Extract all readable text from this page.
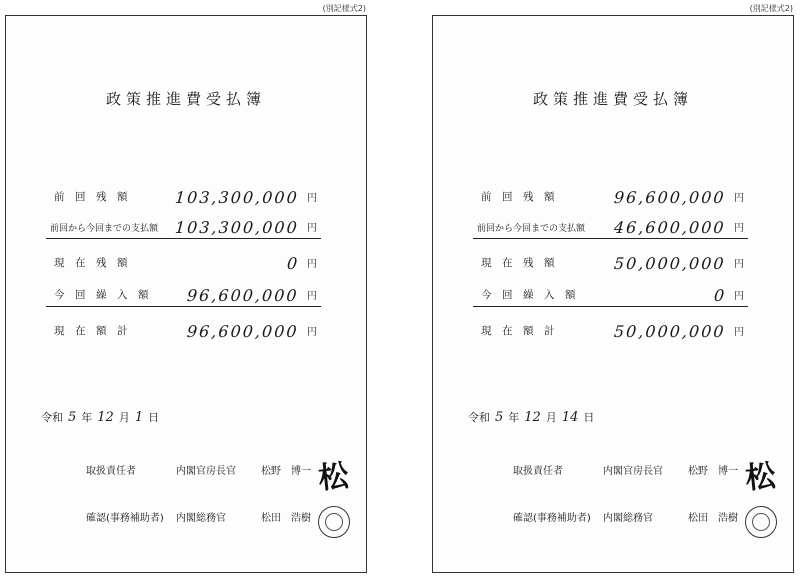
(別記様式2)
政策推進費受払簿
前　回　残　額	103,300,000 円
前回から今回までの支払額 103,300,000 円
現　在　残　額	0 円
今　回　繰　入　額 96,600,000 円
現　在　額　計	96,600,000 円
令和 5 年 12 月 1 日
取扱責任者	内閣官房長官	松野　博一 松
確認(事務補助者) 内閣総務官	松田　浩樹
(別記様式2)
政策推進費受払簿
前　回　残　額	96,600,000 円
前回から今回までの支払額 46,600,000 円
現　在　残　額	50,000,000 円
今　回　繰　入　額	0 円
現　在　額　計	50,000,000 円
令和 5 年 12 月 14 日
取扱責任者	内閣官房長官	松野　博一 松
確認(事務補助者) 内閣総務官	松田　浩樹
